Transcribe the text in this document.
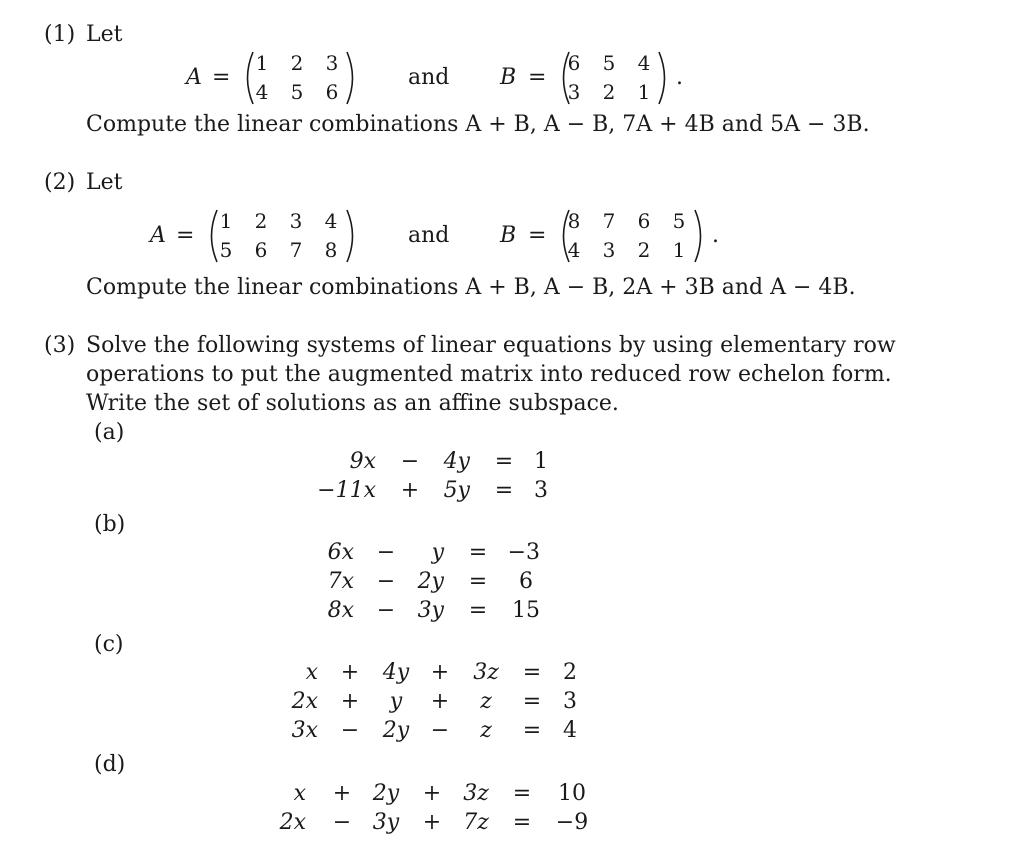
(1) Let
A =
1 2 3
4 5 6
and B =
6 5 4
3 2 1
.
Compute the linear combinations A + B, A − B, 7A + 4B and 5A − 3B.
(2) Let
A =
1 2 3 4
5 6 7 8
and B =
8 7 6 5
4 3 2 1
.
Compute the linear combinations A + B, A − B, 2A + 3B and A − 4B.
(3) Solve the following systems of linear equations by using elementary row
operations to put the augmented matrix into reduced row echelon form.
Write the set of solutions as an affine subspace.
(a)
9x −	4y = 1
−11x +	5y = 3
(b)
6x −	y = −3
7x −	2y =	6
8x −	3y = 15
(c)
x +	4y +	3z	= 2
2x +	y	+	z	= 3
3x −	2y −	z	= 4
(d)
x + 2y	+ 3z	= 10
2x − 3y	+ 7z	= −9
